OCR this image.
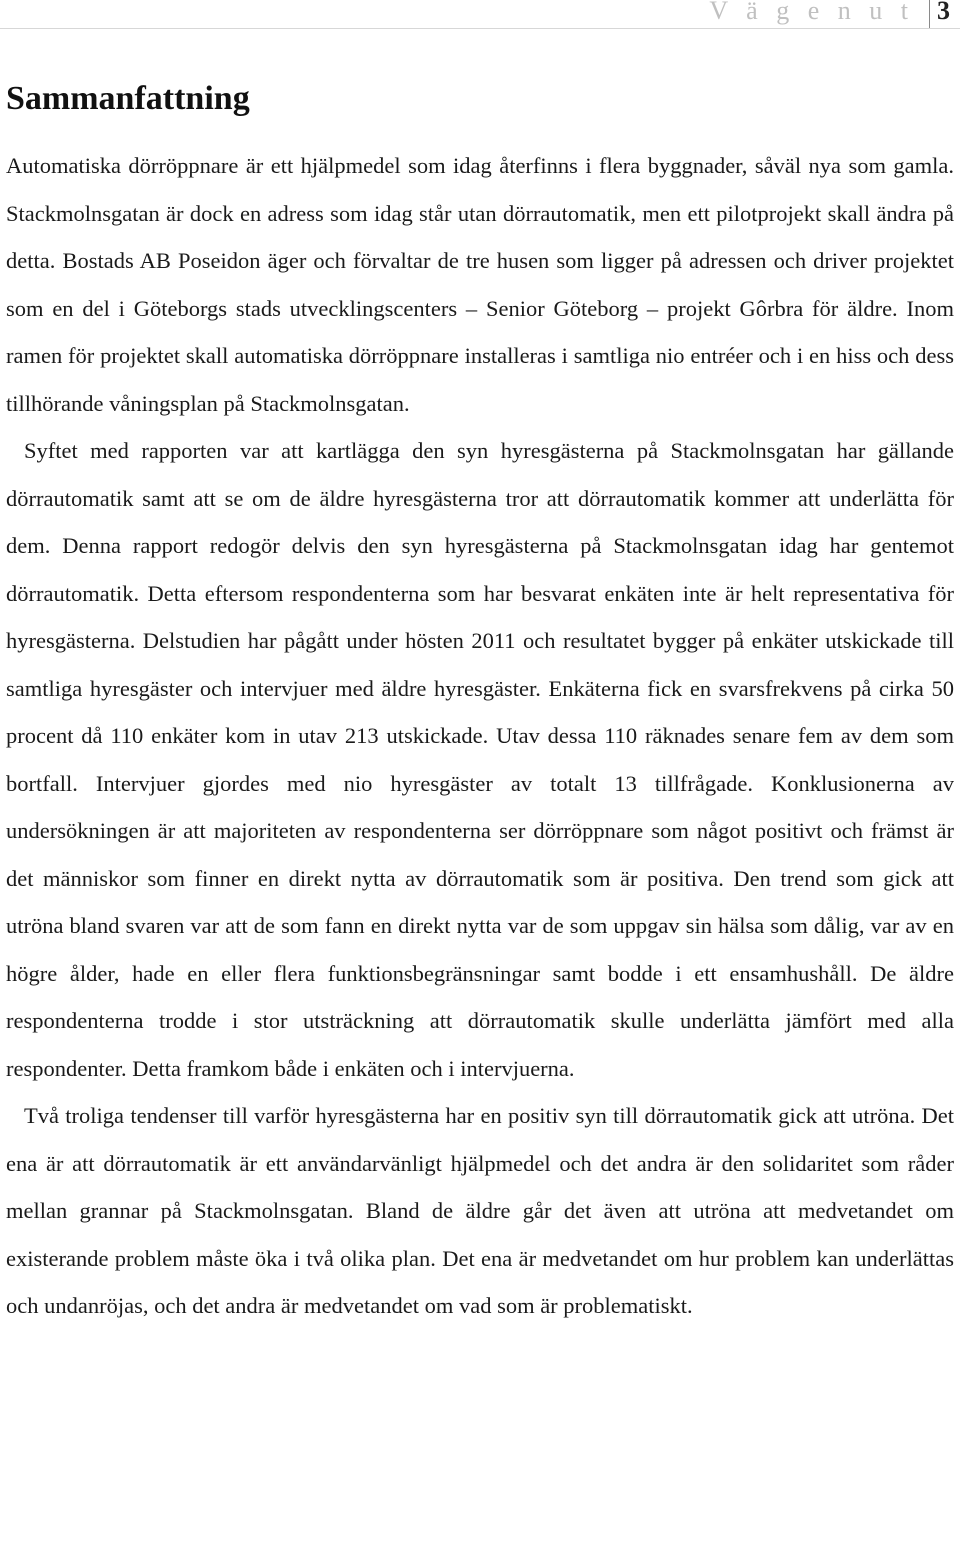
V ä g e n u t 3
Sammanfattning

Automatiska dörröppnare är ett hjälpmedel som idag återfinns i flera byggnader, såväl nya som gamla. Stackmolnsgatan är dock en adress som idag står utan dörrautomatik, men ett pilotprojekt skall ändra på detta. Bostads AB Poseidon äger och förvaltar de tre husen som ligger på adressen och driver projektet som en del i Göteborgs stads utvecklingscenters – Senior Göteborg – projekt Gôrbra för äldre. Inom ramen för projektet skall automatiska dörröppnare installeras i samtliga nio entréer och i en hiss och dess tillhörande våningsplan på Stackmolnsgatan.

Syftet med rapporten var att kartlägga den syn hyresgästerna på Stackmolnsgatan har gällande dörrautomatik samt att se om de äldre hyresgästerna tror att dörrautomatik kommer att underlätta för dem. Denna rapport redogör delvis den syn hyresgästerna på Stackmolnsgatan idag har gentemot dörrautomatik. Detta eftersom respondenterna som har besvarat enkäten inte är helt representativa för hyresgästerna. Delstudien har pågått under hösten 2011 och resultatet bygger på enkäter utskickade till samtliga hyresgäster och intervjuer med äldre hyresgäster. Enkäterna fick en svarsfrekvens på cirka 50 procent då 110 enkäter kom in utav 213 utskickade. Utav dessa 110 räknades senare fem av dem som bortfall. Intervjuer gjordes med nio hyresgäster av totalt 13 tillfrågade. Konklusionerna av undersökningen är att majoriteten av respondenterna ser dörröppnare som något positivt och främst är det människor som finner en direkt nytta av dörrautomatik som är positiva. Den trend som gick att utröna bland svaren var att de som fann en direkt nytta var de som uppgav sin hälsa som dålig, var av en högre ålder, hade en eller flera funktionsbegränsningar samt bodde i ett ensamhushåll. De äldre respondenterna trodde i stor utsträckning att dörrautomatik skulle underlätta jämfört med alla respondenter. Detta framkom både i enkäten och i intervjuerna.

Två troliga tendenser till varför hyresgästerna har en positiv syn till dörrautomatik gick att utröna. Det ena är att dörrautomatik är ett användarvänligt hjälpmedel och det andra är den solidaritet som råder mellan grannar på Stackmolnsgatan. Bland de äldre går det även att utröna att medvetandet om existerande problem måste öka i två olika plan. Det ena är medvetandet om hur problem kan underlättas och undanröjas, och det andra är medvetandet om vad som är problematiskt.
